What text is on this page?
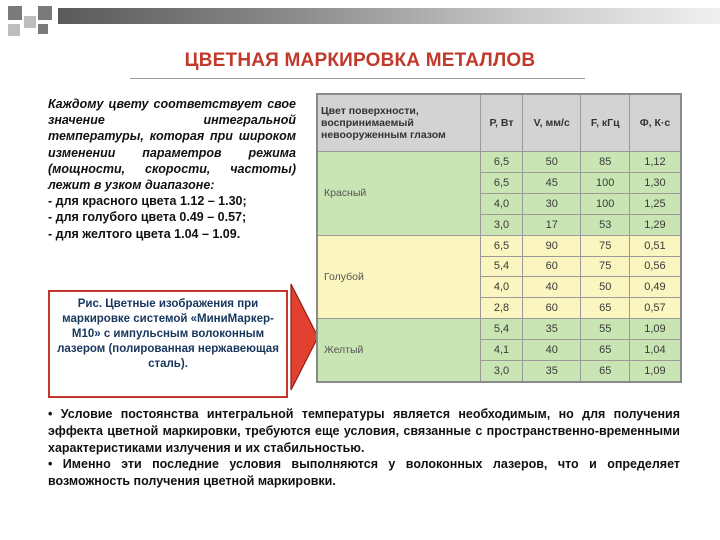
ЦВЕТНАЯ МАРКИРОВКА МЕТАЛЛОВ
Каждому цвету соответствует свое значение интегральной температуры, которая при широком изменении параметров режима (мощности, скорости, частоты) лежит в узком диапазоне:
- для красного цвета 1.12 – 1.30;
- для голубого цвета 0.49 – 0.57;
- для желтого цвета 1.04 – 1.09.
Рис. Цветные изображения при маркировке системой «МиниМаркер-М10» с импульсным волоконным лазером (полированная нержавеющая сталь).
Цвет поверхности, воспринимаемый невооруженным глазом	Р, Вт	V, мм/с	F, кГц	Ф, К·с
Красный	6,5	50	85	1,12
	6,5	45	100	1,30
	4,0	30	100	1,25
	3,0	17	53	1,29
Голубой	6,5	90	75	0,51
	5,4	60	75	0,56
	4,0	40	50	0,49
	2,8	60	65	0,57
Желтый	5,4	35	55	1,09
	4,1	40	65	1,04
	3,0	35	65	1,09
• Условие постоянства интегральной температуры является необходимым, но для получения эффекта цветной маркировки, требуются еще условия, связанные с пространственно-временными характеристиками излучения и их стабильностью.
• Именно эти последние условия выполняются у волоконных лазеров, что и определяет возможность получения цветной маркировки.
